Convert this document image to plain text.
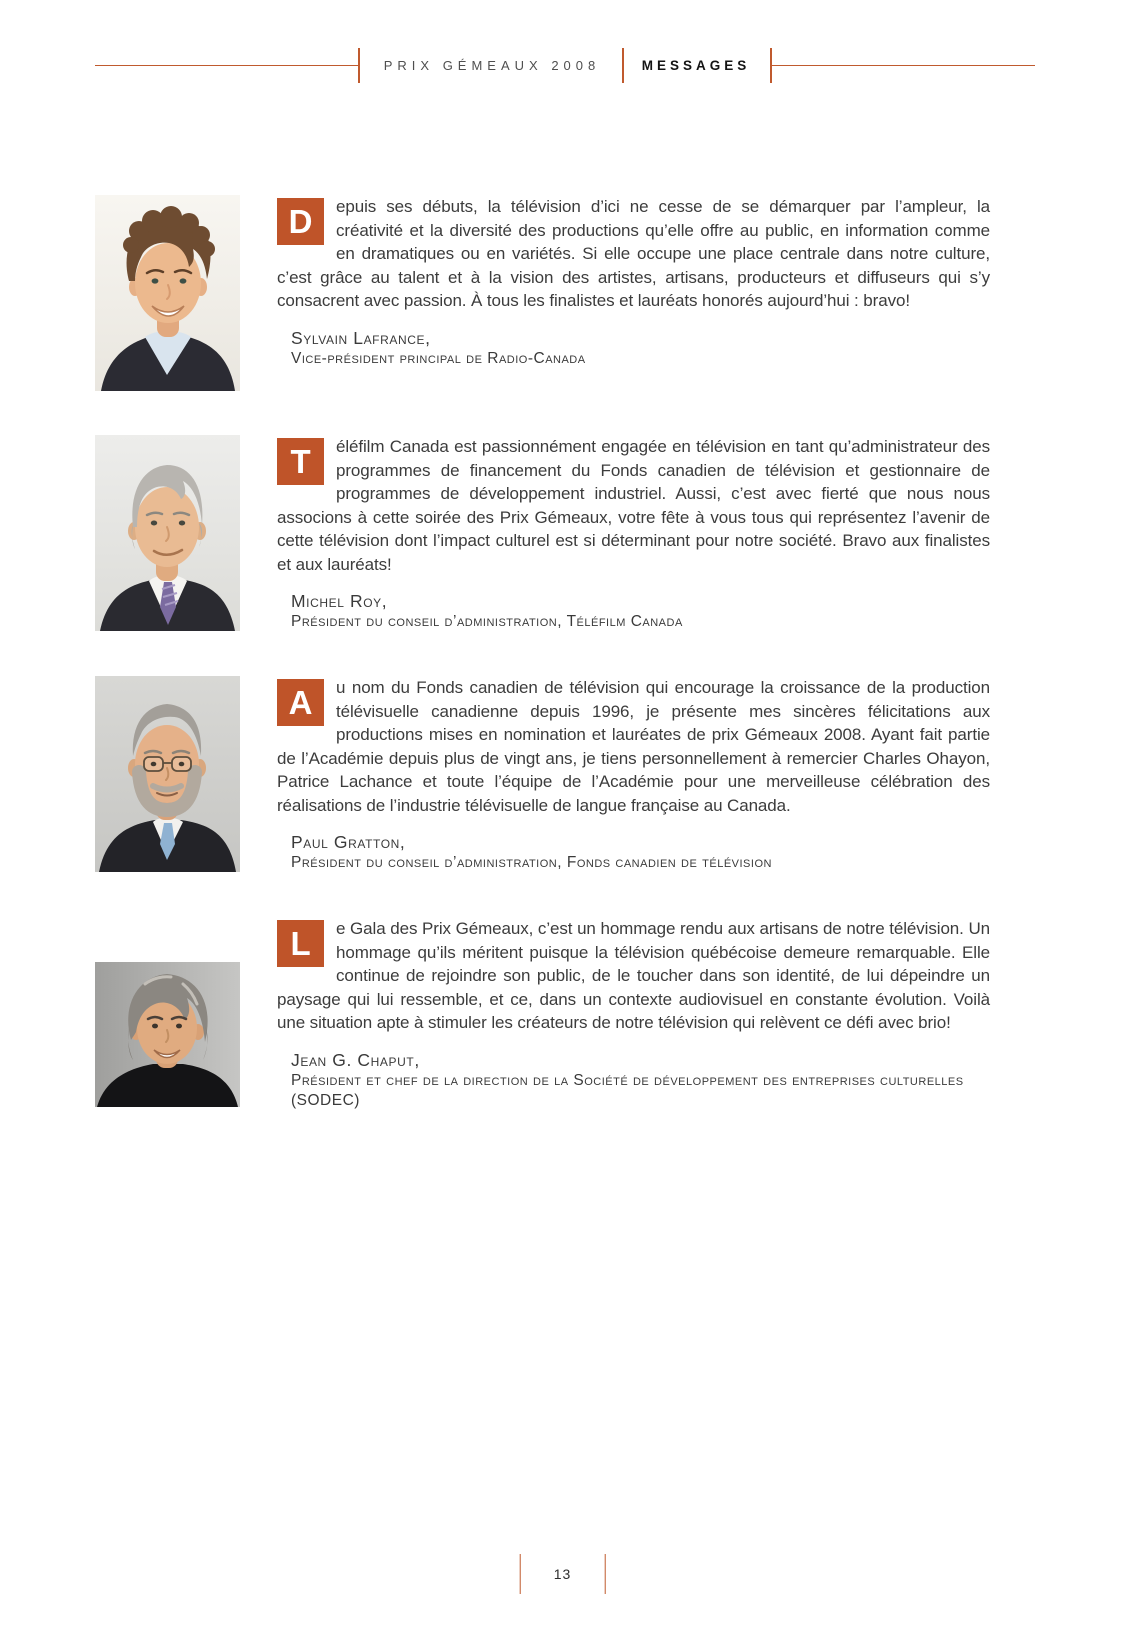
PRIX GÉMEAUX 2008	MESSAGES

D	epuis ses débuts, la télévision d’ici ne cesse de se démarquer par l’ampleur, la créativité et la diversité des productions qu’elle offre au public, en information comme en dramatiques ou en variétés. Si elle occupe une place centrale dans notre culture, c’est grâce au talent et à la vision des artistes, artisans, producteurs et diffuseurs qui s’y consacrent avec passion. À tous les finalistes et lauréats honorés aujourd’hui : bravo!

Sylvain Lafrance,
Vice-président principal de Radio-Canada

T	éléfilm Canada est passionnément engagée en télévision en tant qu’administrateur des programmes de financement du Fonds canadien de télévision et gestionnaire de programmes de développement industriel. Aussi, c’est avec fierté que nous nous associons à cette soirée des Prix Gémeaux, votre fête à vous tous qui représentez l’avenir de cette télévision dont l’impact culturel est si déterminant pour notre société. Bravo aux finalistes et aux lauréats!

Michel Roy,
Président du conseil d’administration, Téléfilm Canada

A	u nom du Fonds canadien de télévision qui encourage la croissance de la production télévisuelle canadienne depuis 1996, je présente mes sincères félicitations aux productions mises en nomination et lauréates de prix Gémeaux 2008. Ayant fait partie de l’Académie depuis plus de vingt ans, je tiens personnellement à remercier Charles Ohayon, Patrice Lachance et toute l’équipe de l’Académie pour une merveilleuse célébration des réalisations de l’industrie télévisuelle de langue française au Canada.

Paul Gratton,
Président du conseil d’administration, Fonds canadien de télévision

L	e Gala des Prix Gémeaux, c’est un hommage rendu aux artisans de notre télévision. Un hommage qu’ils méritent puisque la télévision québécoise demeure remarquable. Elle continue de rejoindre son public, de le toucher dans son identité, de lui dépeindre un paysage qui lui ressemble, et ce, dans un contexte audiovisuel en constante évolution. Voilà une situation apte à stimuler les créateurs de notre télévision qui relèvent ce défi avec brio!

Jean G. Chaput,
Président et chef de la direction de la Société de développement des entreprises culturelles
(SODEC)
13
